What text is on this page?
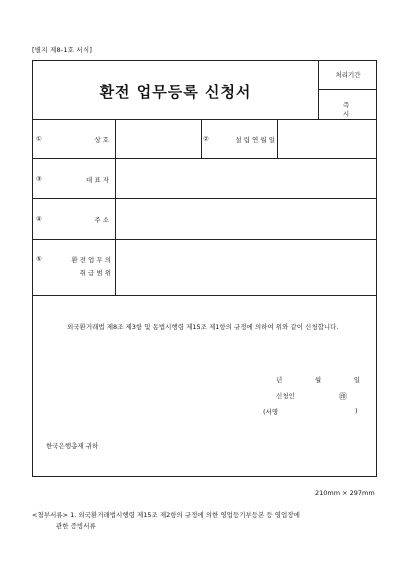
[별지 제8-1호 서식]
환전 업무등록 신청서
처리기간
즉 시
①	상 호	②	설 립 연 월 일
③	대 표 자
④	주 소
⑤	환 전 업 무 의
취 급 범 위
외국환거래법 제8조 제3항 및 동법시행령 제15조 제1항의 규정에 의하여 위와 같이 신청합니다.
년	월	일
신청인	㊞
(서명	)
한국은행총재 귀하
210mm × 297mm
<첨부서류> 1. 외국환거래법시행령 제15조 제2항의 규정에 의한 영업등기부등본 등 영업장에
관한 증빙서류
